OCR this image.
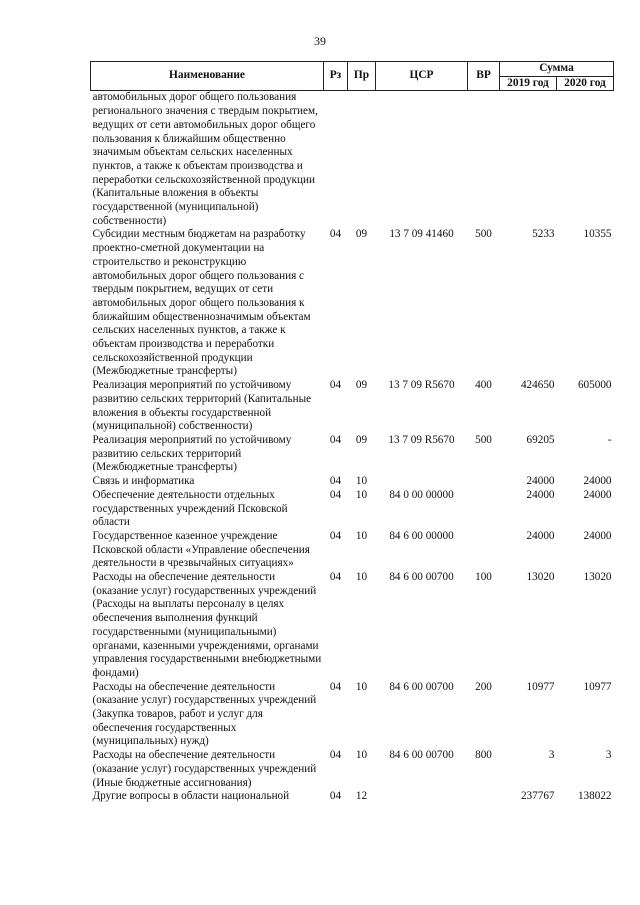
39
Наименование	Рз	Пр	ЦСР	ВР	Сумма	
					2019 год	2020 год
автомобильных дорог общего пользования регионального значения с твердым покрытием, ведущих от сети автомобильных дорог общего пользования к ближайшим общественно значимым объектам сельских населенных пунктов, а также к объектам производства и переработки сельскохозяйственной продукции (Капитальные вложения в объекты государственной (муниципальной) собственности)						
Субсидии местным бюджетам на разработку проектно-сметной документации на строительство и реконструкцию автомобильных дорог общего пользования с твердым покрытием, ведущих от сети автомобильных дорог общего пользования к ближайшим общественнозначимым объектам сельских населенных пунктов, а также к объектам производства и переработки сельскохозяйственной продукции (Межбюджетные трансферты)	04	09	13 7 09 41460	500	5233	10355
Реализация мероприятий по устойчивому развитию сельских территорий (Капитальные вложения в объекты государственной (муниципальной) собственности)	04	09	13 7 09 R5670	400	424650	605000
Реализация мероприятий по устойчивому развитию сельских территорий (Межбюджетные трансферты)	04	09	13 7 09 R5670	500	69205	-
Связь и информатика	04	10			24000	24000
Обеспечение деятельности отдельных государственных учреждений Псковской области	04	10	84 0 00 00000		24000	24000
Государственное казенное учреждение Псковской области «Управление обеспечения деятельности в чрезвычайных ситуациях»	04	10	84 6 00 00000		24000	24000
Расходы на обеспечение деятельности (оказание услуг) государственных учреждений (Расходы на выплаты персоналу в целях обеспечения выполнения функций государственными (муниципальными) органами, казенными учреждениями, органами управления государственными внебюджетными фондами)	04	10	84 6 00 00700	100	13020	13020
Расходы на обеспечение деятельности (оказание услуг) государственных учреждений (Закупка товаров, работ и услуг для обеспечения государственных (муниципальных) нужд)	04	10	84 6 00 00700	200	10977	10977
Расходы на обеспечение деятельности (оказание услуг) государственных учреждений (Иные бюджетные ассигнования)	04	10	84 6 00 00700	800	3	3
Другие вопросы в области национальной	04	12			237767	138022
